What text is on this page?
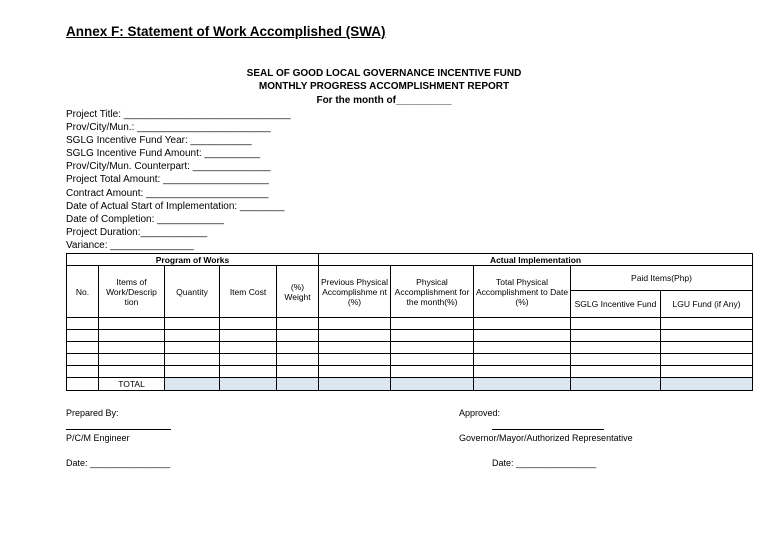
Annex F: Statement of Work Accomplished (SWA)
SEAL OF GOOD LOCAL GOVERNANCE INCENTIVE FUND
MONTHLY PROGRESS ACCOMPLISHMENT REPORT
For the month of__________
Project Title: ______________________________
Prov/City/Mun.: ________________________
SGLG Incentive Fund Year: ___________
SGLG Incentive Fund Amount: __________
Prov/City/Mun. Counterpart: ______________
Project Total Amount: ___________________
Contract Amount: ______________________
Date of Actual Start of Implementation: ________
Date of Completion: ____________
Project Duration:____________
Variance: _______________
Program of Works					Actual Implementation				
No.	Items of Work/Descrip tion	Quantity	Item Cost	(%) Weight	Previous Physical Accomplishme nt (%)	Physical Accomplishment for the month(%)	Total Physical Accomplishment to Date (%)	Paid Items(Php)	
								SGLG Incentive Fund	LGU Fund (if Any)

	TOTAL								
Prepared By:
P/C/M Engineer
Date: ________________
Approved:
Governor/Mayor/Authorized Representative
Date: ________________
